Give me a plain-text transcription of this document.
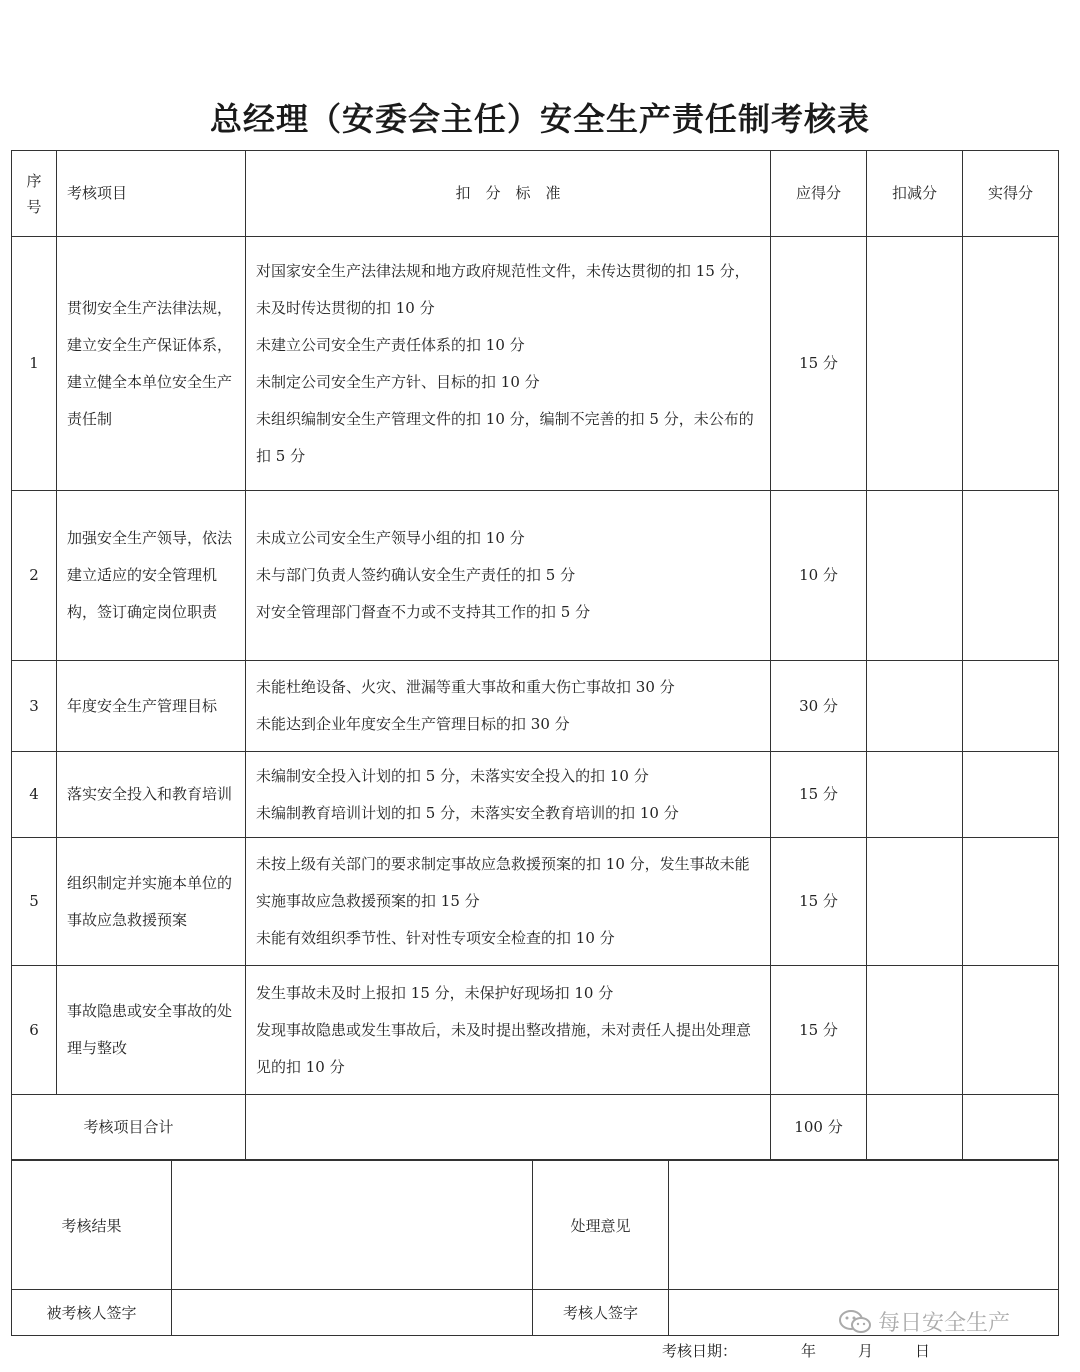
总经理（安委会主任）安全生产责任制考核表
序
号	考核项目	扣　分　标　准	应得分	扣减分	实得分
1	贯彻安全生产法律法规，建立安全生产保证体系，建立健全本单位安全生产责任制	对国家安全生产法律法规和地方政府规范性文件，未传达贯彻的扣 15 分，未及时传达贯彻的扣 10 分
未建立公司安全生产责任体系的扣 10 分
未制定公司安全生产方针、目标的扣 10 分
未组织编制安全生产管理文件的扣 10 分，编制不完善的扣 5 分，未公布的扣 5 分	15 分		
2	加强安全生产领导，依法建立适应的安全管理机构，签订确定岗位职责	未成立公司安全生产领导小组的扣 10 分
未与部门负责人签约确认安全生产责任的扣 5 分
对安全管理部门督查不力或不支持其工作的扣 5 分	10 分		
3	年度安全生产管理目标	未能杜绝设备、火灾、泄漏等重大事故和重大伤亡事故扣 30 分
未能达到企业年度安全生产管理目标的扣 30 分	30 分		
4	落实安全投入和教育培训	未编制安全投入计划的扣 5 分，未落实安全投入的扣 10 分
未编制教育培训计划的扣 5 分，未落实安全教育培训的扣 10 分	15 分		
5	组织制定并实施本单位的事故应急救援预案	未按上级有关部门的要求制定事故应急救援预案的扣 10 分，发生事故未能实施事故应急救援预案的扣 15 分
未能有效组织季节性、针对性专项安全检查的扣 10 分	15 分		
6	事故隐患或安全事故的处理与整改	发生事故未及时上报扣 15 分，未保护好现场扣 10 分
发现事故隐患或发生事故后，未及时提出整改措施，未对责任人提出处理意见的扣 10 分	15 分		
考核项目合计			100 分		
考核结果		处理意见	
被考核人签字		考核人签字	
考核日期：	年	月	日
每日安全生产
